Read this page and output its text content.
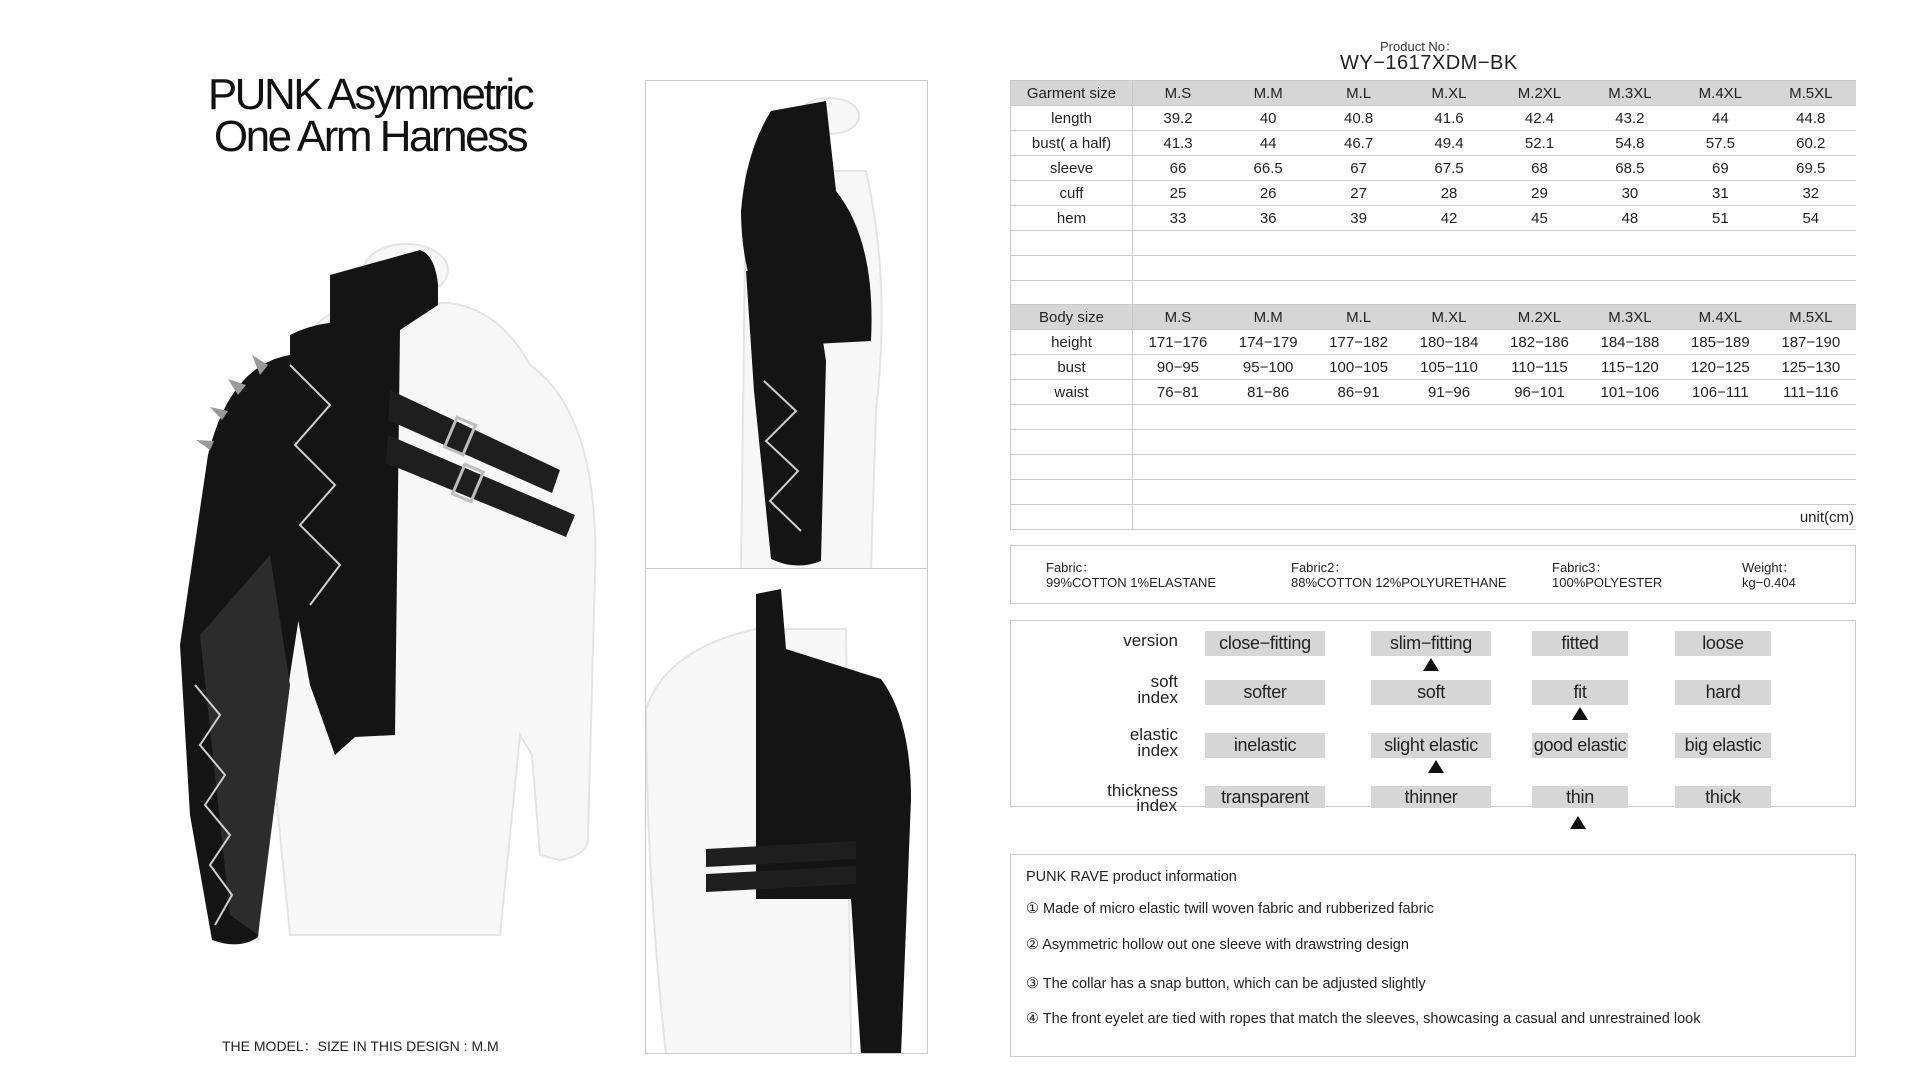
PUNK Asymmetric
One Arm Harness
THE MODEL：SIZE IN THIS DESIGN : M.M
Product No：
WY−1617XDM−BK
Garment size	M.S	M.M	M.L	M.XL	M.2XL	M.3XL	M.4XL	M.5XL
length	39.2	40	40.8	41.6	42.4	43.2	44	44.8
bust( a half)	41.3	44	46.7	49.4	52.1	54.8	57.5	60.2
sleeve	66	66.5	67	67.5	68	68.5	69	69.5
cuff	25	26	27	28	29	30	31	32
hem	33	36	39	42	45	48	51	54

Body size	M.S	M.M	M.L	M.XL	M.2XL	M.3XL	M.4XL	M.5XL
height	171−176	174−179	177−182	180−184	182−186	184−188	185−189	187−190
bust	90−95	95−100	100−105	105−110	110−115	115−120	120−125	125−130
waist	76−81	81−86	86−91	91−96	96−101	101−106	106−111	111−116

	unit(cm)							
Fabric：
99%COTTON 1%ELASTANE
Fabric2：
88%COTTON 12%POLYURETHANE
Fabric3：
100%POLYESTER
Weight：
kg−0.404
version	close−fitting	slim−fitting	fitted	loose
soft
index	softer	soft	fit	hard
elastic
index	inelastic	slight elastic	good elastic	big elastic
thickness	transparent	thinner	thin	thick
index
PUNK RAVE product information
① Made of micro elastic twill woven fabric and rubberized fabric
② Asymmetric hollow out one sleeve with drawstring design
③ The collar has a snap button, which can be adjusted slightly
④ The front eyelet are tied with ropes that match the sleeves, showcasing a casual and unrestrained look
